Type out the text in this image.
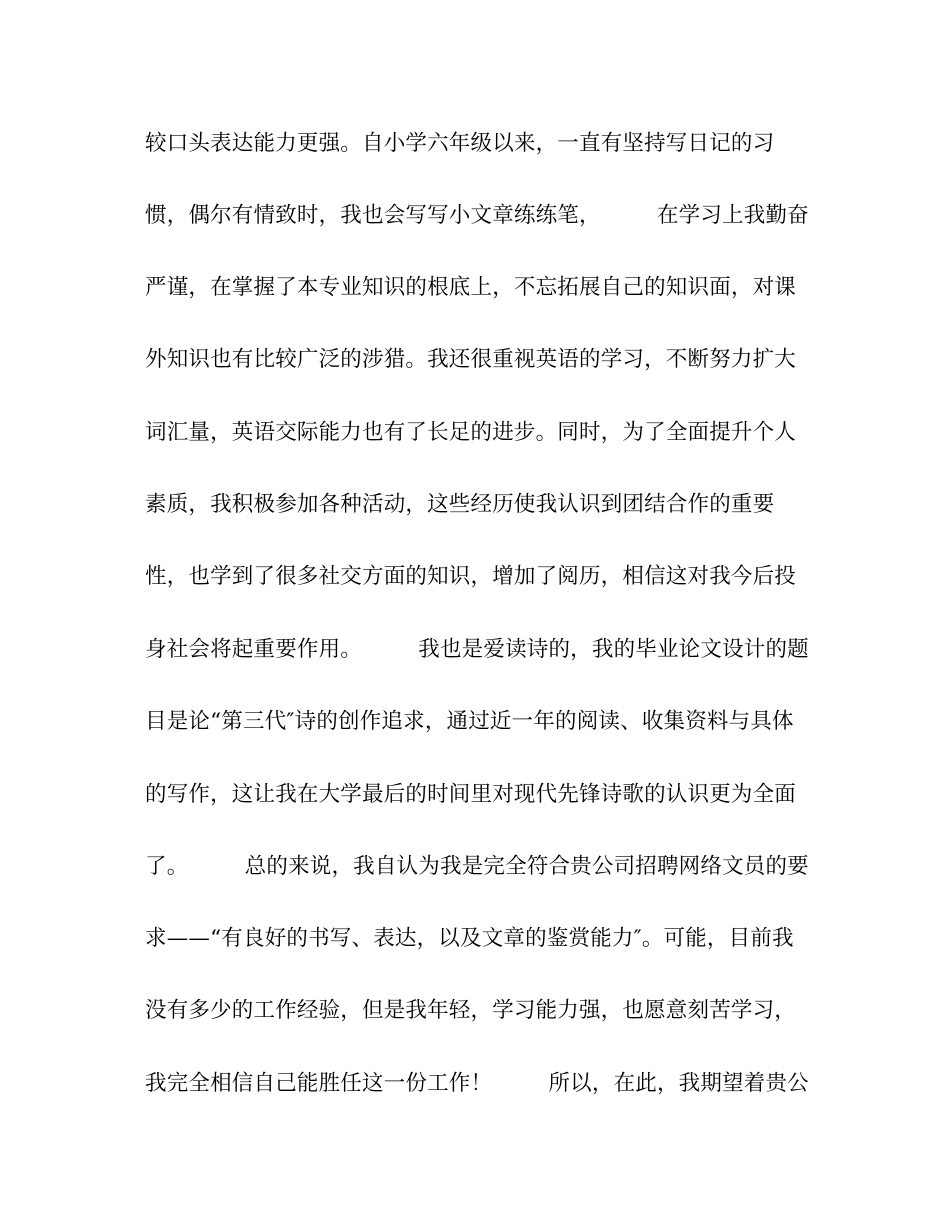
较口头表达能力更强。自小学六年级以来，一直有坚持写日记的习
惯，偶尔有情致时，我也会写写小文章练练笔，        在学习上我勤奋
严谨，在掌握了本专业知识的根底上，不忘拓展自己的知识面，对课
外知识也有比较广泛的涉猎。我还很重视英语的学习，不断努力扩大
词汇量，英语交际能力也有了长足的进步。同时，为了全面提升个人
素质，我积极参加各种活动，这些经历使我认识到团结合作的重要
性，也学到了很多社交方面的知识，增加了阅历，相信这对我今后投
身社会将起重要作用。        我也是爱读诗的，我的毕业论文设计的题
目是论“第三代″诗的创作追求，通过近一年的阅读、收集资料与具体
的写作，这让我在大学最后的时间里对现代先锋诗歌的认识更为全面
了。        总的来说，我自认为我是完全符合贵公司招聘网络文员的要
求——“有良好的书写、表达，以及文章的鉴赏能力″。可能，目前我
没有多少的工作经验，但是我年轻，学习能力强，也愿意刻苦学习，
我完全相信自己能胜任这一份工作！        所以，在此，我期望着贵公
